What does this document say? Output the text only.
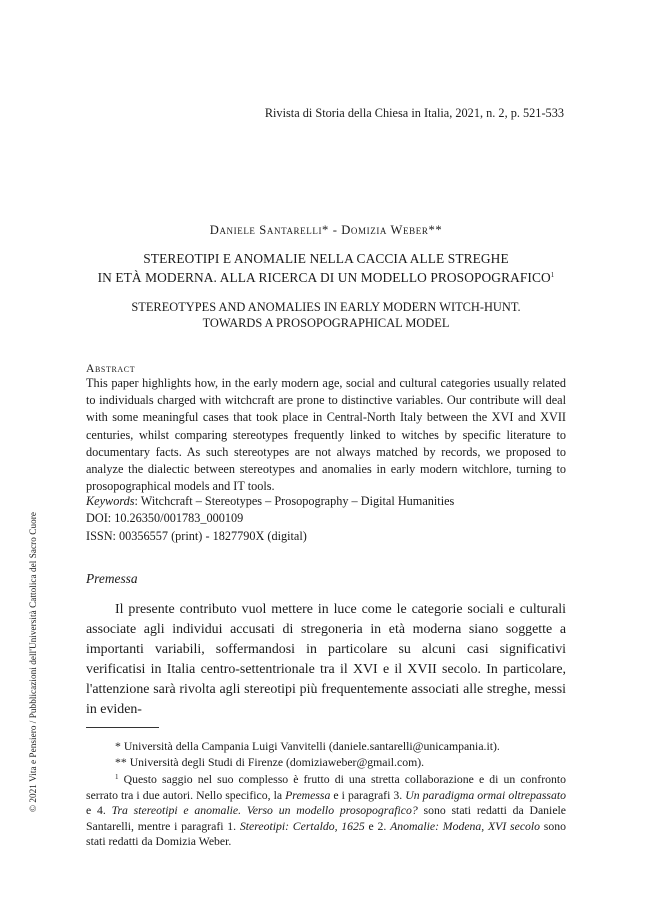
Rivista di Storia della Chiesa in Italia, 2021, n. 2, p. 521-533
Daniele Santarelli* - Domizia Weber**
STEREOTIPI E ANOMALIE NELLA CACCIA ALLE STREGHE
IN ETÀ MODERNA. ALLA RICERCA DI UN MODELLO PROSOPOGRAFICO$^1$
STEREOTYPES AND ANOMALIES IN EARLY MODERN WITCH-HUNT.
TOWARDS A PROSOPOGRAPHICAL MODEL
Abstract

This paper highlights how, in the early modern age, social and cultural categories usually related to individuals charged with witchcraft are prone to distinctive variables. Our contribute will deal with some meaningful cases that took place in Central-North Italy between the XVI and XVII centuries, whilst comparing stereotypes frequently linked to witches by specific literature to documentary facts. As such stereotypes are not always matched by records, we proposed to analyze the dialectic between stereotypes and anomalies in early modern witchlore, turning to prosopographical models and IT tools.

Keywords: Witchcraft – Stereotypes – Prosopography – Digital Humanities
DOI: 10.26350/001783_000109
ISSN: 00356557 (print) - 1827790X (digital)
© 2021 Vita e Pensiero / Pubblicazioni dell'Università Cattolica del Sacro Cuore	Premessa

Il presente contributo vuol mettere in luce come le categorie sociali e culturali associate agli individui accusati di stregoneria in età moderna siano soggette a importanti variabili, soffermandosi in particolare su alcuni casi significativi verificatisi in Italia centro-settentrionale tra il XVI e il XVII secolo. In particolare, l'attenzione sarà rivolta agli stereotipi più frequentemente associati alle streghe, messi in eviden-

* Università della Campania Luigi Vanvitelli (daniele.santarelli@unicampania.it).

** Università degli Studi di Firenze (domiziaweber@gmail.com).

$^1$ Questo saggio nel suo complesso è frutto di una stretta collaborazione e di un confronto serrato tra i due autori. Nello specifico, la Premessa e i paragrafi 3. Un paradigma ormai oltrepassato e 4. Tra stereotipi e anomalie. Verso un modello prosopografico? sono stati redatti da Daniele Santarelli, mentre i paragrafi 1. Stereotipi: Certaldo, 1625 e 2. Anomalie: Modena, XVI secolo sono stati redatti da Domizia Weber.
